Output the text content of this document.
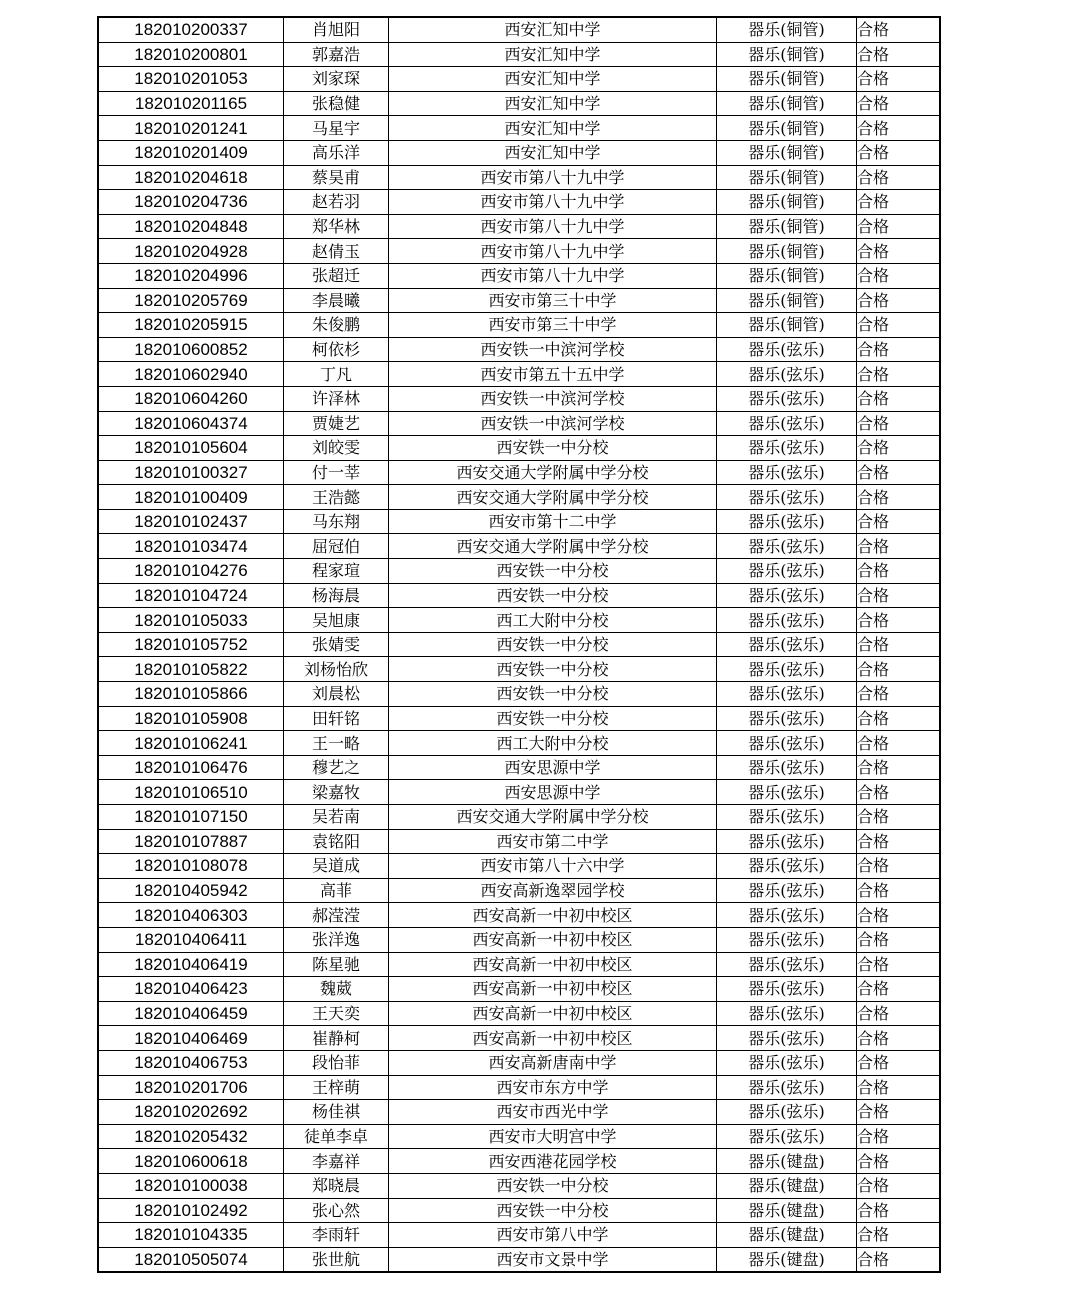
182010200337	肖旭阳	西安汇知中学	器乐(铜管)	合格
182010200801	郭嘉浩	西安汇知中学	器乐(铜管)	合格
182010201053	刘家琛	西安汇知中学	器乐(铜管)	合格
182010201165	张稳健	西安汇知中学	器乐(铜管)	合格
182010201241	马星宇	西安汇知中学	器乐(铜管)	合格
182010201409	高乐洋	西安汇知中学	器乐(铜管)	合格
182010204618	蔡昊甫	西安市第八十九中学	器乐(铜管)	合格
182010204736	赵若羽	西安市第八十九中学	器乐(铜管)	合格
182010204848	郑华林	西安市第八十九中学	器乐(铜管)	合格
182010204928	赵倩玉	西安市第八十九中学	器乐(铜管)	合格
182010204996	张超迁	西安市第八十九中学	器乐(铜管)	合格
182010205769	李晨曦	西安市第三十中学	器乐(铜管)	合格
182010205915	朱俊鹏	西安市第三十中学	器乐(铜管)	合格
182010600852	柯依杉	西安铁一中滨河学校	器乐(弦乐)	合格
182010602940	丁凡	西安市第五十五中学	器乐(弦乐)	合格
182010604260	许泽林	西安铁一中滨河学校	器乐(弦乐)	合格
182010604374	贾婕艺	西安铁一中滨河学校	器乐(弦乐)	合格
182010105604	刘皎雯	西安铁一中分校	器乐(弦乐)	合格
182010100327	付一莘	西安交通大学附属中学分校	器乐(弦乐)	合格
182010100409	王浩懿	西安交通大学附属中学分校	器乐(弦乐)	合格
182010102437	马东翔	西安市第十二中学	器乐(弦乐)	合格
182010103474	屈冠伯	西安交通大学附属中学分校	器乐(弦乐)	合格
182010104276	程家瑄	西安铁一中分校	器乐(弦乐)	合格
182010104724	杨海晨	西安铁一中分校	器乐(弦乐)	合格
182010105033	吴旭康	西工大附中分校	器乐(弦乐)	合格
182010105752	张婧雯	西安铁一中分校	器乐(弦乐)	合格
182010105822	刘杨怡欣	西安铁一中分校	器乐(弦乐)	合格
182010105866	刘晨松	西安铁一中分校	器乐(弦乐)	合格
182010105908	田轩铭	西安铁一中分校	器乐(弦乐)	合格
182010106241	王一略	西工大附中分校	器乐(弦乐)	合格
182010106476	穆艺之	西安思源中学	器乐(弦乐)	合格
182010106510	梁嘉牧	西安思源中学	器乐(弦乐)	合格
182010107150	吴若南	西安交通大学附属中学分校	器乐(弦乐)	合格
182010107887	袁铭阳	西安市第二中学	器乐(弦乐)	合格
182010108078	吴道成	西安市第八十六中学	器乐(弦乐)	合格
182010405942	高菲	西安高新逸翠园学校	器乐(弦乐)	合格
182010406303	郝滢滢	西安高新一中初中校区	器乐(弦乐)	合格
182010406411	张洋逸	西安高新一中初中校区	器乐(弦乐)	合格
182010406419	陈星驰	西安高新一中初中校区	器乐(弦乐)	合格
182010406423	魏葳	西安高新一中初中校区	器乐(弦乐)	合格
182010406459	王天奕	西安高新一中初中校区	器乐(弦乐)	合格
182010406469	崔静柯	西安高新一中初中校区	器乐(弦乐)	合格
182010406753	段怡菲	西安高新唐南中学	器乐(弦乐)	合格
182010201706	王梓萌	西安市东方中学	器乐(弦乐)	合格
182010202692	杨佳祺	西安市西光中学	器乐(弦乐)	合格
182010205432	徒单李卓	西安市大明宫中学	器乐(弦乐)	合格
182010600618	李嘉祥	西安西港花园学校	器乐(键盘)	合格
182010100038	郑晓晨	西安铁一中分校	器乐(键盘)	合格
182010102492	张心然	西安铁一中分校	器乐(键盘)	合格
182010104335	李雨轩	西安市第八中学	器乐(键盘)	合格
182010505074	张世航	西安市文景中学	器乐(键盘)	合格
